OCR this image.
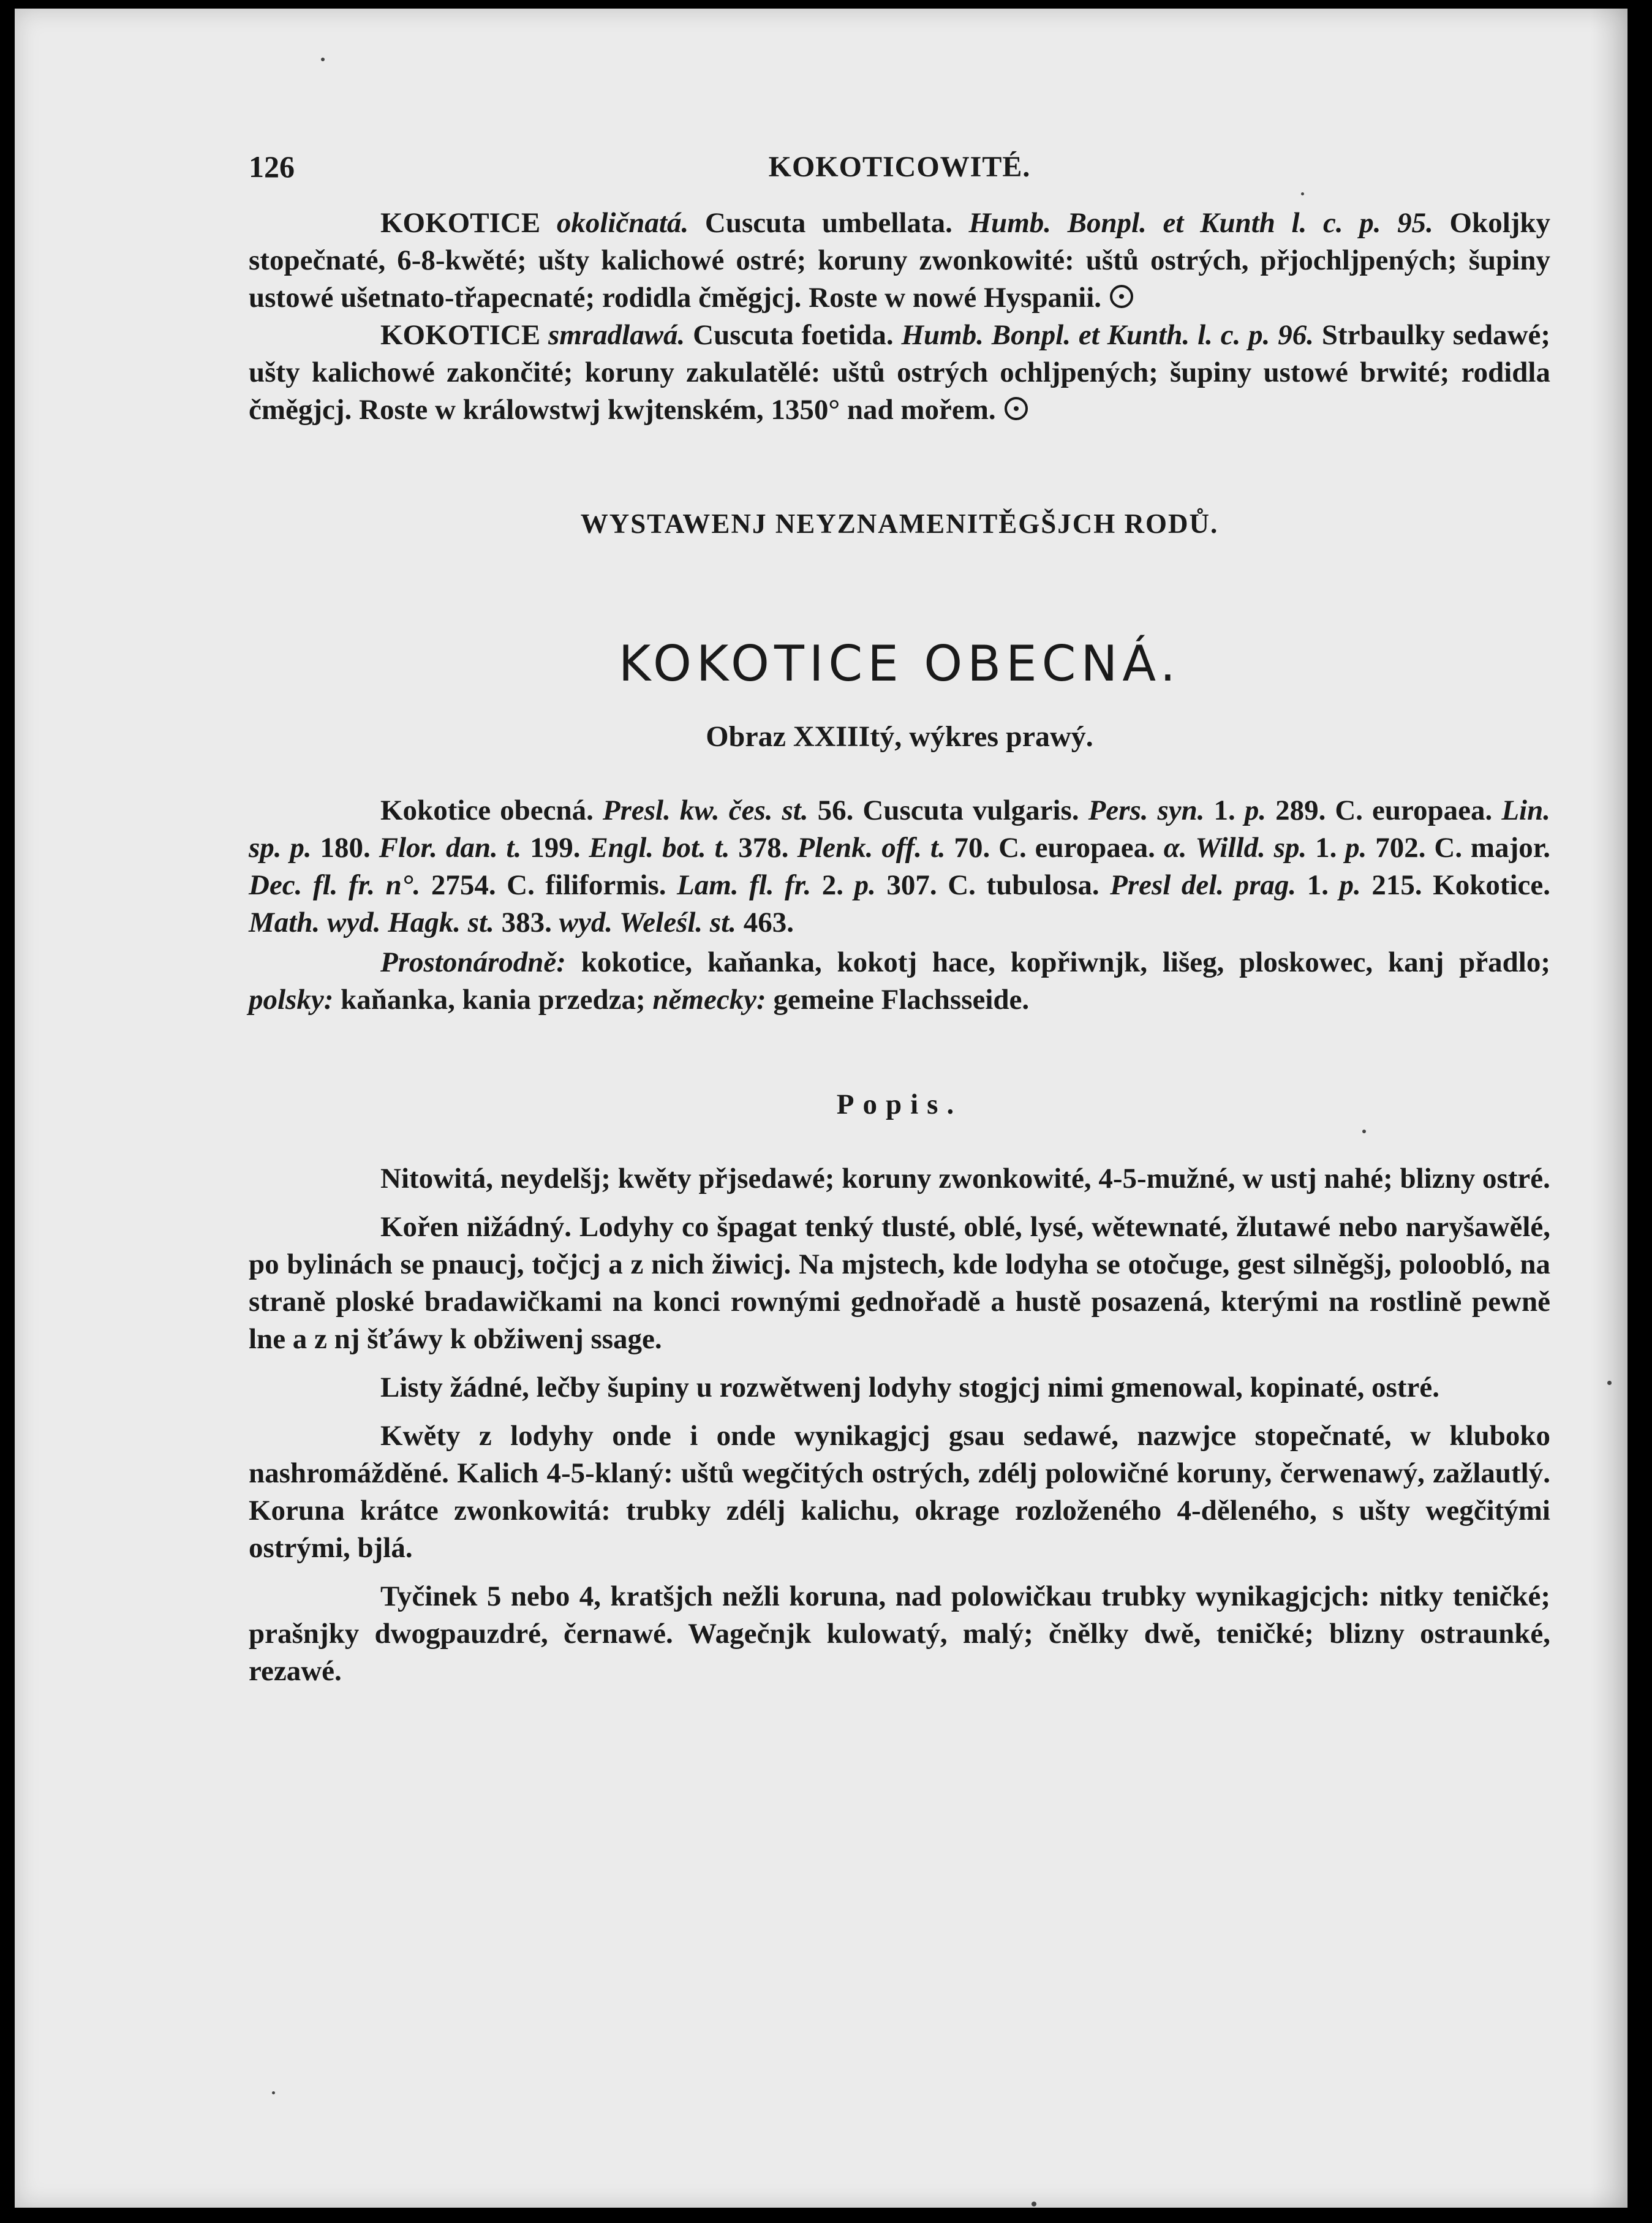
126	KOKOTICOWITÉ.

KOKOTICE okoličnatá. Cuscuta umbellata. Humb. Bonpl. et Kunth l. c. p. 95. Okoljky stopečnaté, 6-8-kwěté; ušty kalichowé ostré; koruny zwonkowité: uštů ostrých, přjochljpených; šupiny ustowé ušetnato-třapecnaté; rodidla čměgjcj. Roste w nowé Hyspanii.

KOKOTICE smradlawá. Cuscuta foetida. Humb. Bonpl. et Kunth. l. c. p. 96. Strbaulky sedawé; ušty kalichowé zakončité; koruny zakulatělé: uštů ostrých ochljpených; šupiny ustowé brwité; rodidla čměgjcj. Roste w králowstwj kwjtenském, 1350° nad mořem.

WYSTAWENJ NEYZNAMENITĚGŠJCH RODŮ.
KOKOTICE OBECNÁ.
Obraz XXIIItý, wýkres prawý.

Kokotice obecná. Presl. kw. čes. st. 56. Cuscuta vulgaris. Pers. syn. 1. p. 289. C. europaea. Lin. sp. p. 180. Flor. dan. t. 199. Engl. bot. t. 378. Plenk. off. t. 70. C. europaea. α. Willd. sp. 1. p. 702. C. major. Dec. fl. fr. n°. 2754. C. filiformis. Lam. fl. fr. 2. p. 307. C. tubulosa. Presl del. prag. 1. p. 215. Kokotice. Math. wyd. Hagk. st. 383. wyd. Weleśl. st. 463.

Prostonárodně: kokotice, kaňanka, kokotj hace, kopřiwnjk, lišeg, ploskowec, kanj přadlo; polsky: kaňanka, kania przedza; německy: gemeine Flachsseide.

Popis.

Nitowitá, neydelšj; kwěty přjsedawé; koruny zwonkowité, 4-5-mužné, w ustj nahé; blizny ostré.

Kořen nižádný. Lodyhy co špagat tenký tlusté, oblé, lysé, wětewnaté, žlutawé nebo naryšawělé, po bylinách se pnaucj, točjcj a z nich žiwicj. Na mjstech, kde lodyha se otočuge, gest silněgšj, poloobló, na straně ploské bradawičkami na konci rownými gednořadě a hustě posazená, kterými na rostlině pewně lne a z nj šťáwy k obžiwenj ssage.

Listy žádné, lečby šupiny u rozwětwenj lodyhy stogjcj nimi gmenowal, kopinaté, ostré.

Kwěty z lodyhy onde i onde wynikagjcj gsau sedawé, nazwjce stopečnaté, w kluboko nashromážděné. Kalich 4-5-klaný: uštů wegčitých ostrých, zdélj polowičné koruny, čerwenawý, zažlautlý. Koruna krátce zwonkowitá: trubky zdélj kalichu, okrage rozloženého 4-děleného, s ušty wegčitými ostrými, bjlá.

Tyčinek 5 nebo 4, kratšjch nežli koruna, nad polowičkau trubky wynikagjcjch: nitky teničké; prašnjky dwogpauzdré, černawé. Wagečnjk kulowatý, malý; čnělky dwě, teničké; blizny ostraunké, rezawé.
